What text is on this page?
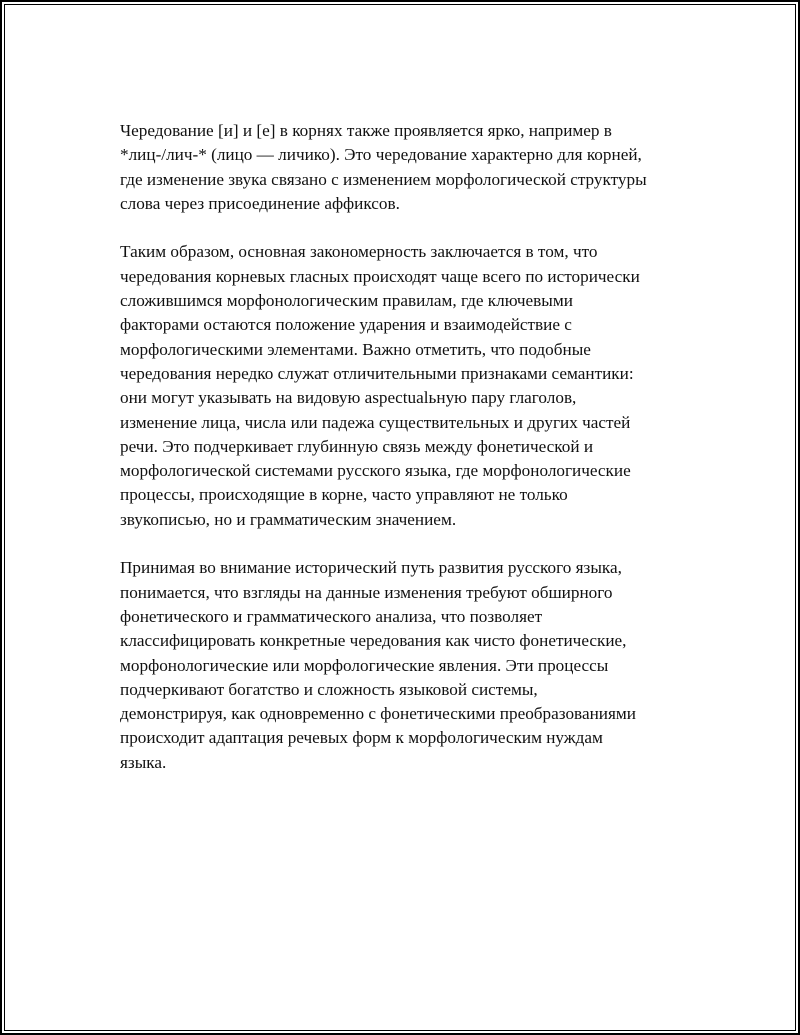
Чередование [и] и [е] в корнях также проявляется ярко, например в
*лиц-/лич-* (лицо — личико). Это чередование характерно для корней,
где изменение звука связано с изменением морфологической структуры
слова через присоединение аффиксов.

Таким образом, основная закономерность заключается в том, что
чередования корневых гласных происходят чаще всего по исторически
сложившимся морфонологическим правилам, где ключевыми
факторами остаются положение ударения и взаимодействие с
морфологическими элементами. Важно отметить, что подобные
чередования нередко служат отличительными признаками семантики:
они могут указывать на видовую aspectualьную пару глаголов,
изменение лица, числа или падежа существительных и других частей
речи. Это подчеркивает глубинную связь между фонетической и
морфологической системами русского языка, где морфонологические
процессы, происходящие в корне, часто управляют не только
звукописью, но и грамматическим значением.

Принимая во внимание исторический путь развития русского языка,
понимается, что взгляды на данные изменения требуют обширного
фонетического и грамматического анализа, что позволяет
классифицировать конкретные чередования как чисто фонетические,
морфонологические или морфологические явления. Эти процессы
подчеркивают богатство и сложность языковой системы,
демонстрируя, как одновременно с фонетическими преобразованиями
происходит адаптация речевых форм к морфологическим нуждам
языка.
